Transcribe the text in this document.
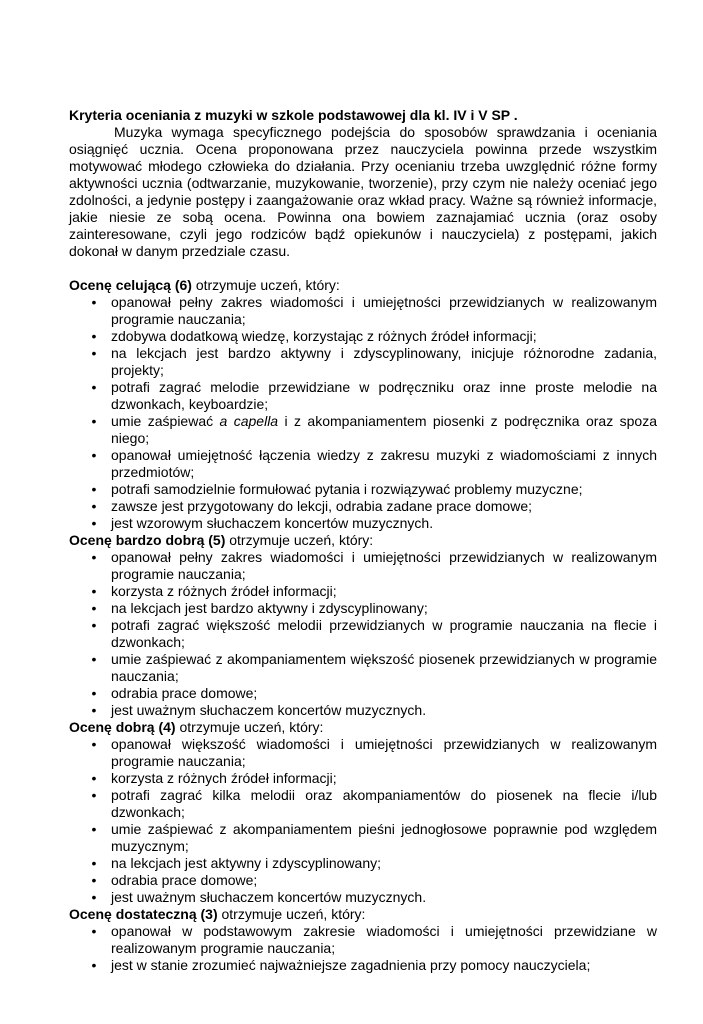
Kryteria oceniania z muzyki w szkole podstawowej dla kl. IV i V SP .

Muzyka wymaga specyficznego podejścia do sposobów sprawdzania i oceniania osiągnięć ucznia. Ocena proponowana przez nauczyciela powinna przede wszystkim motywować młodego człowieka do działania. Przy ocenianiu trzeba uwzględnić różne formy aktywności ucznia (odtwarzanie, muzykowanie, tworzenie), przy czym nie należy oceniać jego zdolności, a jedynie postępy i zaangażowanie oraz wkład pracy. Ważne są również informacje, jakie niesie ze sobą ocena. Powinna ona bowiem zaznajamiać ucznia (oraz osoby zainteresowane, czyli jego rodziców bądź opiekunów i nauczyciela) z postępami, jakich dokonał w danym przedziale czasu.

Ocenę celującą (6) otrzymuje uczeń, który:

• opanował pełny zakres wiadomości i umiejętności przewidzianych w realizowanym programie nauczania;
• zdobywa dodatkową wiedzę, korzystając z różnych źródeł informacji;
• na lekcjach jest bardzo aktywny i zdyscyplinowany, inicjuje różnorodne zadania, projekty;
• potrafi zagrać melodie przewidziane w podręczniku oraz inne proste melodie na dzwonkach, keyboardzie;
• umie zaśpiewać a capella i z akompaniamentem piosenki z podręcznika oraz spoza niego;
• opanował umiejętność łączenia wiedzy z zakresu muzyki z wiadomościami z innych przedmiotów;
• potrafi samodzielnie formułować pytania i rozwiązywać problemy muzyczne;
• zawsze jest przygotowany do lekcji, odrabia zadane prace domowe;
• jest wzorowym słuchaczem koncertów muzycznych.

Ocenę bardzo dobrą (5) otrzymuje uczeń, który:

• opanował pełny zakres wiadomości i umiejętności przewidzianych w realizowanym programie nauczania;
• korzysta z różnych źródeł informacji;
• na lekcjach jest bardzo aktywny i zdyscyplinowany;
• potrafi zagrać większość melodii przewidzianych w programie nauczania na flecie i dzwonkach;
• umie zaśpiewać z akompaniamentem większość piosenek przewidzianych w programie nauczania;
• odrabia prace domowe;
• jest uważnym słuchaczem koncertów muzycznych.

Ocenę dobrą (4) otrzymuje uczeń, który:

• opanował większość wiadomości i umiejętności przewidzianych w realizowanym programie nauczania;
• korzysta z różnych źródeł informacji;
• potrafi zagrać kilka melodii oraz akompaniamentów do piosenek na flecie i/lub dzwonkach;
• umie zaśpiewać z akompaniamentem pieśni jednogłosowe poprawnie pod względem muzycznym;
• na lekcjach jest aktywny i zdyscyplinowany;
• odrabia prace domowe;
• jest uważnym słuchaczem koncertów muzycznych.

Ocenę dostateczną (3) otrzymuje uczeń, który:

• opanował w podstawowym zakresie wiadomości i umiejętności przewidziane w realizowanym programie nauczania;
• jest w stanie zrozumieć najważniejsze zagadnienia przy pomocy nauczyciela;
